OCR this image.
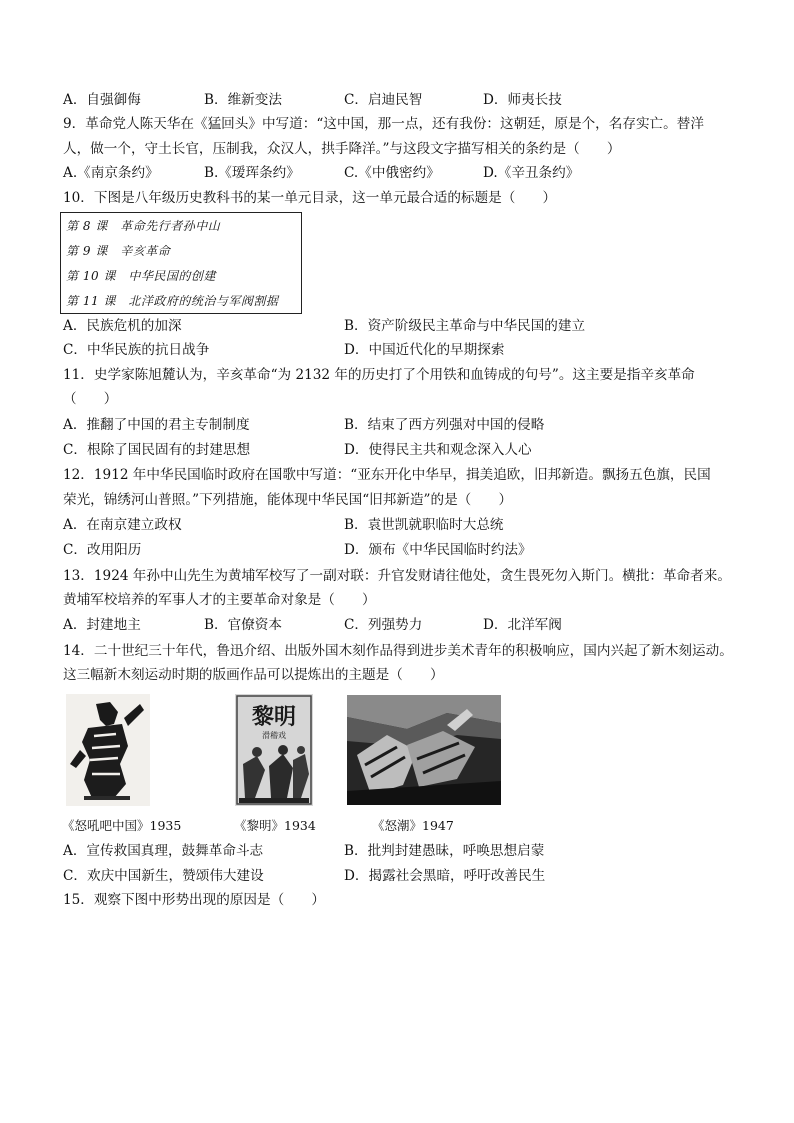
A．自强御侮	B．维新变法	C．启迪民智	D．师夷长技
9．革命党人陈天华在《猛回头》中写道：“这中国，那一点，还有我份：这朝廷，原是个，名存实亡。替洋
人，做一个，守土长官，压制我，众汉人，拱手降洋。”与这段文字描写相关的条约是（　　）
A.《南京条约》	B.《瑷珲条约》	C.《中俄密约》	D.《辛丑条约》
10．下图是八年级历史教科书的某一单元目录，这一单元最合适的标题是（　　）
第 8 课　革命先行者孙中山
第 9 课　辛亥革命
第 10 课　中华民国的创建
第 11 课　北洋政府的统治与军阀割据
A．民族危机的加深	B．资产阶级民主革命与中华民国的建立
C．中华民族的抗日战争	D．中国近代化的早期探索
11．史学家陈旭麓认为，辛亥革命“为 2132 年的历史打了个用铁和血铸成的句号”。这主要是指辛亥革命
（　　）
A．推翻了中国的君主专制制度	B．结束了西方列强对中国的侵略
C．根除了国民固有的封建思想	D．使得民主共和观念深入人心
12．1912 年中华民国临时政府在国歌中写道：“亚东开化中华早，揖美追欧，旧邦新造。飘扬五色旗，民国
荣光，锦绣河山普照。”下列措施，能体现中华民国“旧邦新造”的是（　　）
A．在南京建立政权	B．袁世凯就职临时大总统
C．改用阳历	D．颁布《中华民国临时约法》
13．1924 年孙中山先生为黄埔军校写了一副对联：升官发财请往他处，贪生畏死勿入斯门。横批：革命者来。
黄埔军校培养的军事人才的主要革命对象是（　　）
A．封建地主	B．官僚资本	C．列强势力	D．北洋军阀
14．二十世纪三十年代，鲁迅介绍、出版外国木刻作品得到进步美术青年的积极响应，国内兴起了新木刻运动。
这三幅新木刻运动时期的版画作品可以提炼出的主题是（　　）
黎明
滑稽戏
《怒吼吧中国》1935	《黎明》1934	《怒潮》1947
A．宣传救国真理，鼓舞革命斗志	B．批判封建愚昧，呼唤思想启蒙
C．欢庆中国新生，赞颂伟大建设	D．揭露社会黑暗，呼吁改善民生
15．观察下图中形势出现的原因是（　　）
